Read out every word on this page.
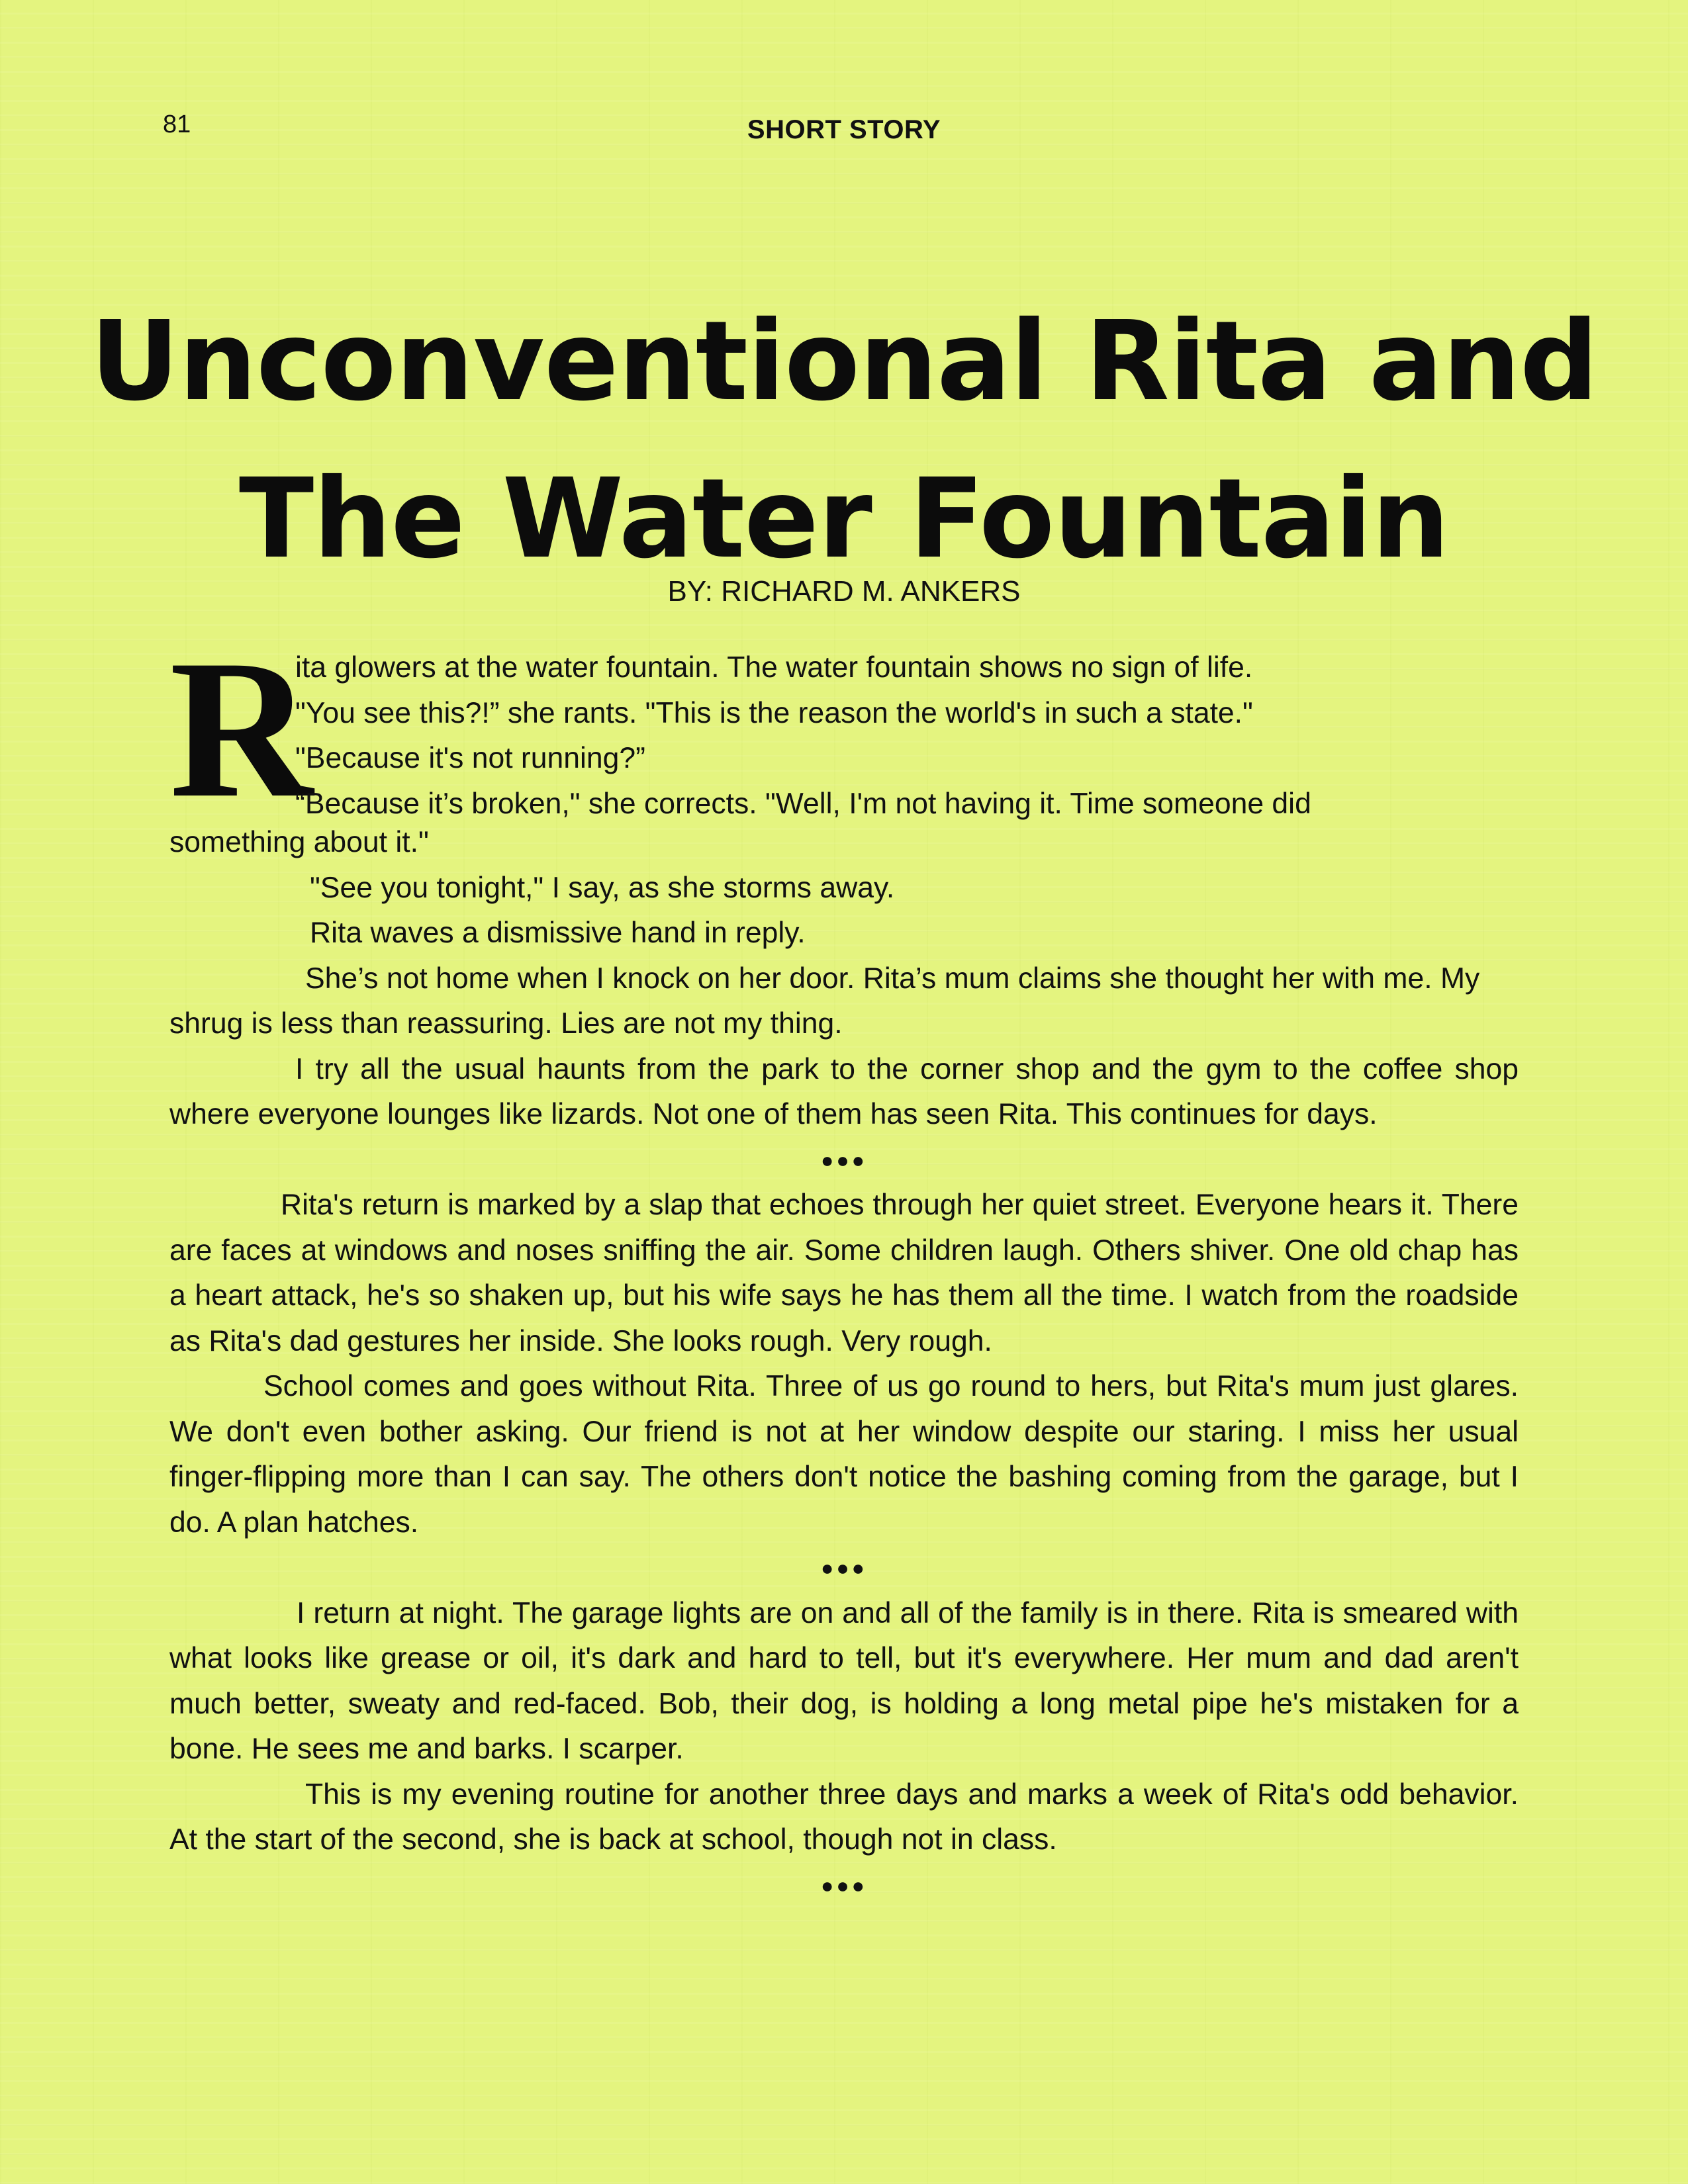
81	SHORT STORY
Unconventional Rita and
The Water Fountain
BY: RICHARD M. ANKERS
R
ita glowers at the water fountain. The water fountain shows no sign of life.
"You see this?!” she rants. "This is the reason the world's in such a state."
"Because it's not running?”
“Because it’s broken," she corrects. "Well, I'm not having it. Time someone did

something about it."

"See you tonight," I say, as she storms away.

Rita waves a dismissive hand in reply.

She’s not home when I knock on her door. Rita’s mum claims she thought her with me. My shrug is less than reassuring. Lies are not my thing.

I try all the usual haunts from the park to the corner shop and the gym to the coffee shop where everyone lounges like lizards. Not one of them has seen Rita. This continues for days.

●●●

Rita's return is marked by a slap that echoes through her quiet street. Everyone hears it. There are faces at windows and noses sniffing the air. Some children laugh. Others shiver. One old chap has a heart attack, he's so shaken up, but his wife says he has them all the time. I watch from the roadside as Rita's dad gestures her inside. She looks rough. Very rough.

School comes and goes without Rita. Three of us go round to hers, but Rita's mum just glares. We don't even bother asking. Our friend is not at her window despite our staring. I miss her usual finger-flipping more than I can say. The others don't notice the bashing coming from the garage, but I do. A plan hatches.

●●●

I return at night. The garage lights are on and all of the family is in there. Rita is smeared with what looks like grease or oil, it's dark and hard to tell, but it's everywhere. Her mum and dad aren't much better, sweaty and red-faced. Bob, their dog, is holding a long metal pipe he's mistaken for a bone. He sees me and barks. I scarper.

This is my evening routine for another three days and marks a week of Rita's odd behavior. At the start of the second, she is back at school, though not in class.

●●●
